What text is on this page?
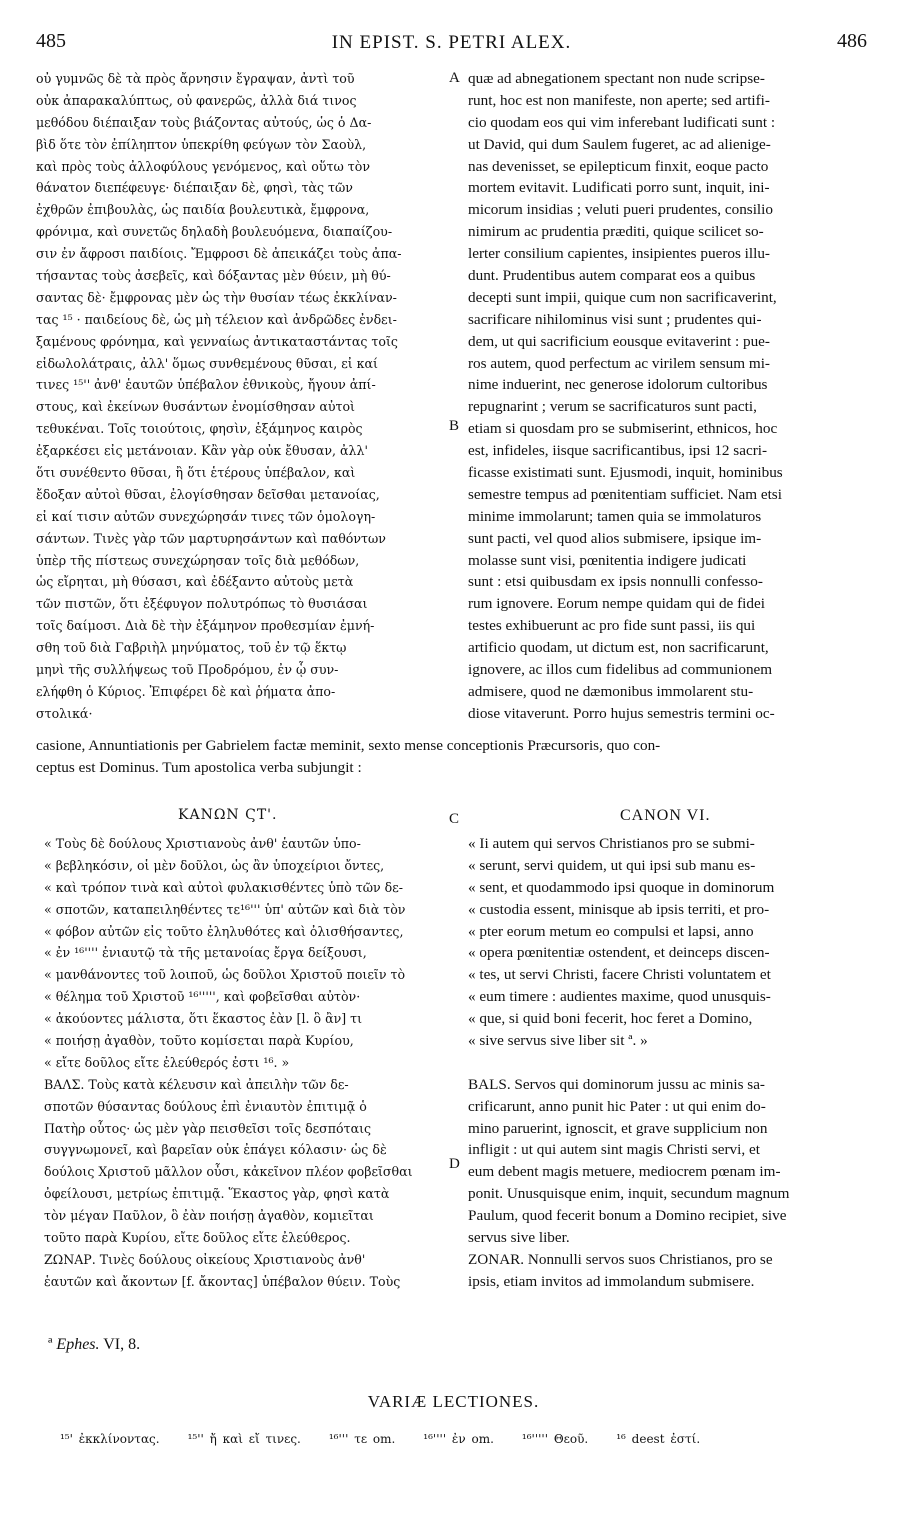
485	IN EPIST. S. PETRI ALEX.	486
οὐ γυμνῶς δὲ τὰ πρὸς ἄρνησιν ἔγραψαν, ἀντὶ τοῦ
οὐκ ἀπαρακαλύπτως, οὐ φανερῶς, ἀλλὰ διά τινος
μεθόδου διέπαιξαν τοὺς βιάζοντας αὐτούς, ὡς ὁ Δα-
βὶδ ὅτε τὸν ἐπίληπτον ὑπεκρίθη φεύγων τὸν Σαοὺλ,
καὶ πρὸς τοὺς ἀλλοφύλους γενόμενος, καὶ οὕτω τὸν
θάνατον διεπέφευγε· διέπαιξαν δὲ, φησὶ, τὰς τῶν
ἐχθρῶν ἐπιβουλὰς, ὡς παιδία βουλευτικὰ, ἔμφρονα,
φρόνιμα, καὶ συνετῶς δηλαδὴ βουλευόμενα, διαπαίζου-
σιν ἐν ἄφροσι παιδίοις. Ἔμφροσι δὲ ἀπεικάζει τοὺς ἀπα-
τήσαντας τοὺς ἀσεβεῖς, καὶ δόξαντας μὲν θύειν, μὴ θύ-
σαντας δὲ· ἔμφρονας μὲν ὡς τὴν θυσίαν τέως ἐκκλίναν-
τας ¹⁵ · παιδείους δὲ, ὡς μὴ τέλειον καὶ ἀνδρῶδες ἐνδει-
ξαμένους φρόνημα, καὶ γενναίως ἀντικαταστάντας τοῖς
εἰδωλολάτραις, ἀλλ' ὅμως συνθεμένους θῦσαι, εἰ καί
τινες ¹⁵'' ἀνθ' ἑαυτῶν ὑπέβαλον ἐθνικοὺς, ἤγουν ἀπί-
στους, καὶ ἐκείνων θυσάντων ἐνομίσθησαν αὐτοὶ
τεθυκέναι. Τοῖς τοιούτοις, φησὶν, ἑξάμηνος καιρὸς
ἐξαρκέσει εἰς μετάνοιαν. Κἂν γὰρ οὐκ ἔθυσαν, ἀλλ'
ὅτι συνέθεντο θῦσαι, ἢ ὅτι ἑτέρους ὑπέβαλον, καὶ
ἔδοξαν αὐτοὶ θῦσαι, ἐλογίσθησαν δεῖσθαι μετανοίας,
εἰ καί τισιν αὐτῶν συνεχώρησάν τινες τῶν ὁμολογη-
σάντων. Τινὲς γὰρ τῶν μαρτυρησάντων καὶ παθόντων
ὑπὲρ τῆς πίστεως συνεχώρησαν τοῖς διὰ μεθόδων,
ὡς εἴρηται, μὴ θύσασι, καὶ ἐδέξαντο αὐτοὺς μετὰ
τῶν πιστῶν, ὅτι ἐξέφυγον πολυτρόπως τὸ θυσιάσαι
τοῖς δαίμοσι. Διὰ δὲ τὴν ἑξάμηνον προθεσμίαν ἐμνή-
σθη τοῦ διὰ Γαβριὴλ μηνύματος, τοῦ ἐν τῷ ἕκτῳ
μηνὶ τῆς συλλήψεως τοῦ Προδρόμου, ἐν ᾧ συν-
ελήφθη ὁ Κύριος. Ἐπιφέρει δὲ καὶ ῥήματα ἀπο-
στολικά·
quæ ad abnegationem spectant non nude scripse-
runt, hoc est non manifeste, non aperte; sed artifi-
cio quodam eos qui vim inferebant ludificati sunt :
ut David, qui dum Saulem fugeret, ac ad alienige-
nas devenisset, se epilepticum finxit, eoque pacto
mortem evitavit. Ludificati porro sunt, inquit, ini-
micorum insidias ; veluti pueri prudentes, consilio
nimirum ac prudentia præditi, quique scilicet so-
lerter consilium capientes, insipientes pueros illu-
dunt. Prudentibus autem comparat eos a quibus
decepti sunt impii, quique cum non sacrificaverint,
sacrificare nihilominus visi sunt ; prudentes qui-
dem, ut qui sacrificium eousque evitaverint : pue-
ros autem, quod perfectum ac virilem sensum mi-
nime induerint, nec generose idolorum cultoribus
repugnarint ; verum se sacrificaturos sunt pacti,
etiam si quosdam pro se submiserint, ethnicos, hoc
est, infideles, iisque sacrificantibus, ipsi 12 sacri-
ficasse existimati sunt. Ejusmodi, inquit, hominibus
semestre tempus ad pœnitentiam sufficiet. Nam etsi
minime immolarunt; tamen quia se immolaturos
sunt pacti, vel quod alios submisere, ipsique im-
molasse sunt visi, pœnitentia indigere judicati
sunt : etsi quibusdam ex ipsis nonnulli confesso-
rum ignovere. Eorum nempe quidam qui de fidei
testes exhibuerunt ac pro fide sunt passi, iis qui
artificio quodam, ut dictum est, non sacrificarunt,
ignovere, ac illos cum fidelibus ad communionem
admisere, quod ne dæmonibus immolarent stu-
diose vitaverunt. Porro hujus semestris termini oc-
A
B
C
D
casione, Annuntiationis per Gabrielem factæ meminit, sexto mense conceptionis Præcursoris, quo con-
ceptus est Dominus. Tum apostolica verba subjungit :
ΚΑΝΩΝ ϚΤ'.	CANON VI.
« Τοὺς δὲ δούλους Χριστιανοὺς ἀνθ' ἑαυτῶν ὑπο-
« βεβληκόσιν, οἱ μὲν δοῦλοι, ὡς ἂν ὑποχείριοι ὄντες,
« καὶ τρόπον τινὰ καὶ αὐτοὶ φυλακισθέντες ὑπὸ τῶν δε-
« σποτῶν, καταπειληθέντες τε¹⁶''' ὑπ' αὐτῶν καὶ διὰ τὸν
« φόβον αὐτῶν εἰς τοῦτο ἐληλυθότες καὶ ὀλισθήσαντες,
« ἐν ¹⁶'''' ἐνιαυτῷ τὰ τῆς μετανοίας ἔργα δείξουσι,
« μανθάνοντες τοῦ λοιποῦ, ὡς δοῦλοι Χριστοῦ ποιεῖν τὸ
« θέλημα τοῦ Χριστοῦ ¹⁶''''', καὶ φοβεῖσθαι αὐτὸν·
« ἀκούοντες μάλιστα, ὅτι ἕκαστος ἐὰν [l. ὃ ἂν] τι
« ποιήσῃ ἀγαθὸν, τοῦτο κομίσεται παρὰ Κυρίου,
« εἴτε δοῦλος εἴτε ἐλεύθερός ἐστι ¹⁶. »
ΒΑΛΣ. Τοὺς κατὰ κέλευσιν καὶ ἀπειλὴν τῶν δε-
σποτῶν θύσαντας δούλους ἐπὶ ἐνιαυτὸν ἐπιτιμᾷ ὁ
Πατὴρ οὗτος· ὡς μὲν γὰρ πεισθεῖσι τοῖς δεσπόταις
συγγνωμονεῖ, καὶ βαρεῖαν οὐκ ἐπάγει κόλασιν· ὡς δὲ
δούλοις Χριστοῦ μᾶλλον οὖσι, κἀκεῖνον πλέον φοβεῖσθαι
ὀφείλουσι, μετρίως ἐπιτιμᾷ. Ἕκαστος γὰρ, φησὶ κατὰ
τὸν μέγαν Παῦλον, ὃ ἐὰν ποιήσῃ ἀγαθὸν, κομιεῖται
τοῦτο παρὰ Κυρίου, εἴτε δοῦλος εἴτε ἐλεύθερος.
ΖΩΝΑΡ. Τινὲς δούλους οἰκείους Χριστιανοὺς ἀνθ'
ἑαυτῶν καὶ ἄκοντων [f. ἄκοντας] ὑπέβαλον θύειν. Τοὺς
« Ii autem qui servos Christianos pro se submi-
« serunt, servi quidem, ut qui ipsi sub manu es-
« sent, et quodammodo ipsi quoque in dominorum
« custodia essent, minisque ab ipsis territi, et pro-
« pter eorum metum eo compulsi et lapsi, anno
« opera pœnitentiæ ostendent, et deinceps discen-
« tes, ut servi Christi, facere Christi voluntatem et
« eum timere : audientes maxime, quod unusquis-
« que, si quid boni fecerit, hoc feret a Domino,
« sive servus sive liber sit ª. »
BALS. Servos qui dominorum jussu ac minis sa-
crificarunt, anno punit hic Pater : ut qui enim do-
mino paruerint, ignoscit, et grave supplicium non
infligit : ut qui autem sint magis Christi servi, et
eum debent magis metuere, mediocrem pœnam im-
ponit. Unusquisque enim, inquit, secundum magnum
Paulum, quod fecerit bonum a Domino recipiet, sive
servus sive liber.
ZONAR. Nonnulli servos suos Christianos, pro se
ipsis, etiam invitos ad immolandum submisere.
ª Ephes. VI, 8.
VARIÆ LECTIONES.
¹⁵' ἐκκλίνοντας. ¹⁵'' ἤ καὶ εἴ τινες. ¹⁶''' τε om. ¹⁶'''' ἐν om. ¹⁶''''' Θεοῦ. ¹⁶ deest ἐστί.
